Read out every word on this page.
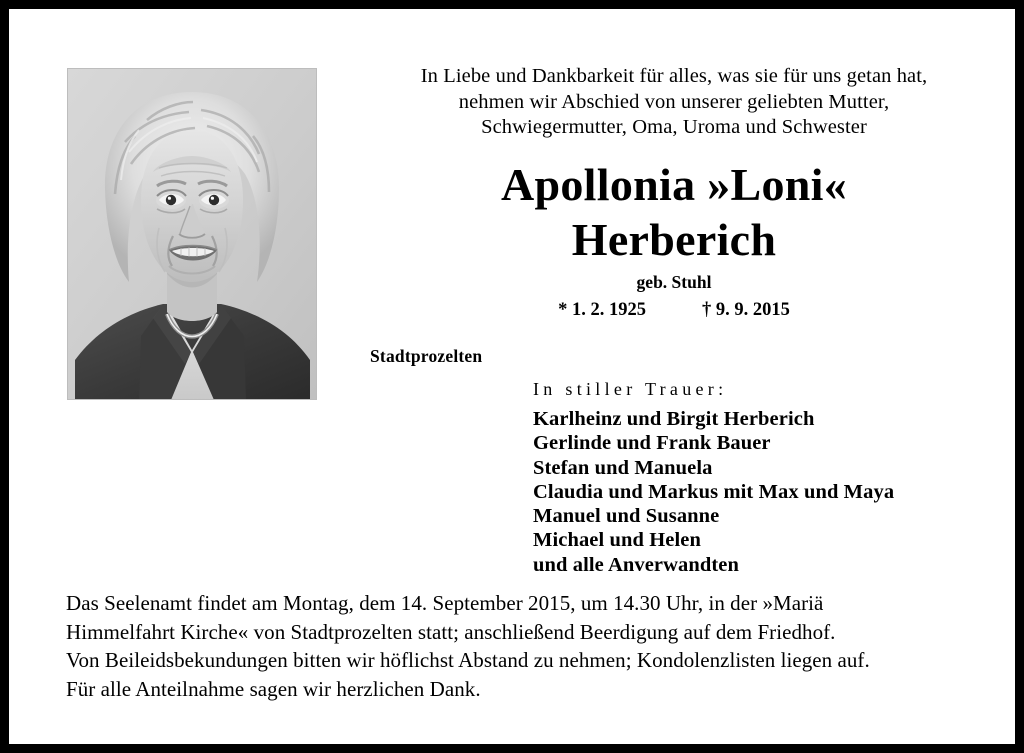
In Liebe und Dankbarkeit für alles, was sie für uns getan hat,
nehmen wir Abschied von unserer geliebten Mutter,
Schwiegermutter, Oma, Uroma und Schwester
Apollonia »Loni«
Herberich
geb. Stuhl
* 1. 2. 1925	† 9. 9. 2015
Stadtprozelten
In stiller Trauer:
Karlheinz und Birgit Herberich
Gerlinde und Frank Bauer
Stefan und Manuela
Claudia und Markus mit Max und Maya
Manuel und Susanne
Michael und Helen
und alle Anverwandten
Das Seelenamt findet am Montag, dem 14. September 2015, um 14.30 Uhr, in der »Mariä
Himmelfahrt Kirche« von Stadtprozelten statt; anschließend Beerdigung auf dem Friedhof.
Von Beileidsbekundungen bitten wir höflichst Abstand zu nehmen; Kondolenzlisten liegen auf.
Für alle Anteilnahme sagen wir herzlichen Dank.
